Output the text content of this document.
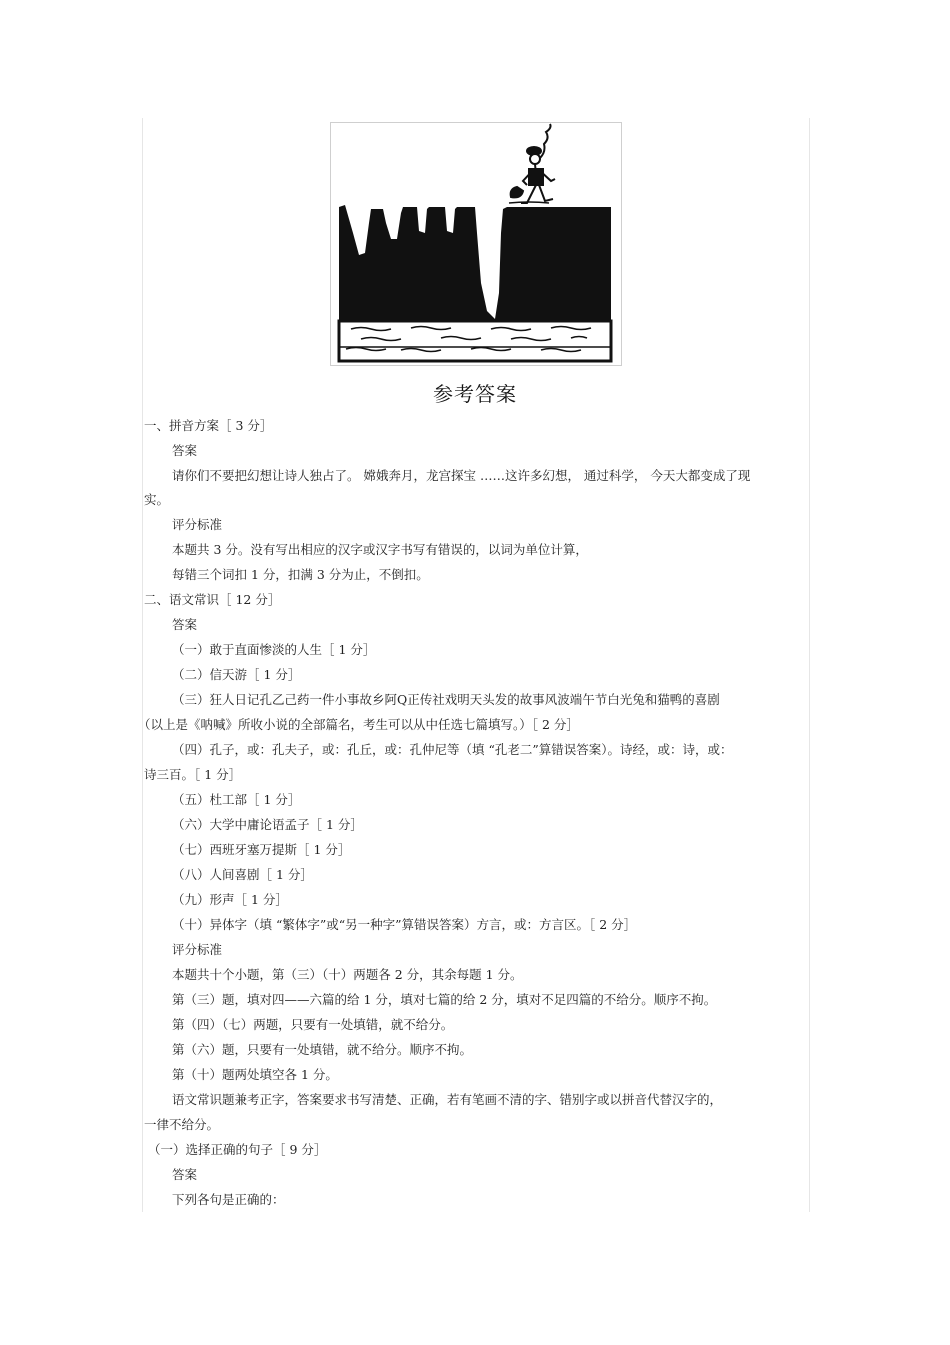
参考答案
一、拼音方案［ 3 分］
答案
请你们不要把幻想让诗人独占了。 嫦娥奔月，龙宫探宝 ……这许多幻想， 通过科学， 今天大都变成了现
实。
评分标准
本题共 3 分。没有写出相应的汉字或汉字书写有错误的，以词为单位计算，
每错三个词扣 1 分，扣满 3 分为止，不倒扣。
二、语文常识［ 12 分］
答案
（一）敢于直面惨淡的人生［ 1 分］
（二）信天游［ 1 分］
（三）狂人日记孔乙己药一件小事故乡阿Q正传社戏明天头发的故事风波端午节白光兔和猫鸭的喜剧
（以上是《呐喊》所收小说的全部篇名，考生可以从中任选七篇填写。）［ 2 分］
（四）孔子，或：孔夫子，或：孔丘，或：孔仲尼等（填 “孔老二”算错误答案）。诗经，或：诗，或：
诗三百。［ 1 分］
（五）杜工部［ 1 分］
（六）大学中庸论语孟子［ 1 分］
（七）西班牙塞万提斯［ 1 分］
（八）人间喜剧［ 1 分］
（九）形声［ 1 分］
（十）异体字（填 “繁体字”或“另一种字”算错误答案）方言，或：方言区。［ 2 分］
评分标准
本题共十个小题，第（三）（十）两题各 2 分，其余每题 1 分。
第（三）题，填对四——六篇的给 1 分，填对七篇的给 2 分，填对不足四篇的不给分。顺序不拘。
第（四）（七）两题，只要有一处填错，就不给分。
第（六）题，只要有一处填错，就不给分。顺序不拘。
第（十）题两处填空各 1 分。
语文常识题兼考正字，答案要求书写清楚、正确，若有笔画不清的字、错别字或以拼音代替汉字的，
一律不给分。
（一）选择正确的句子［ 9 分］
答案
下列各句是正确的：
